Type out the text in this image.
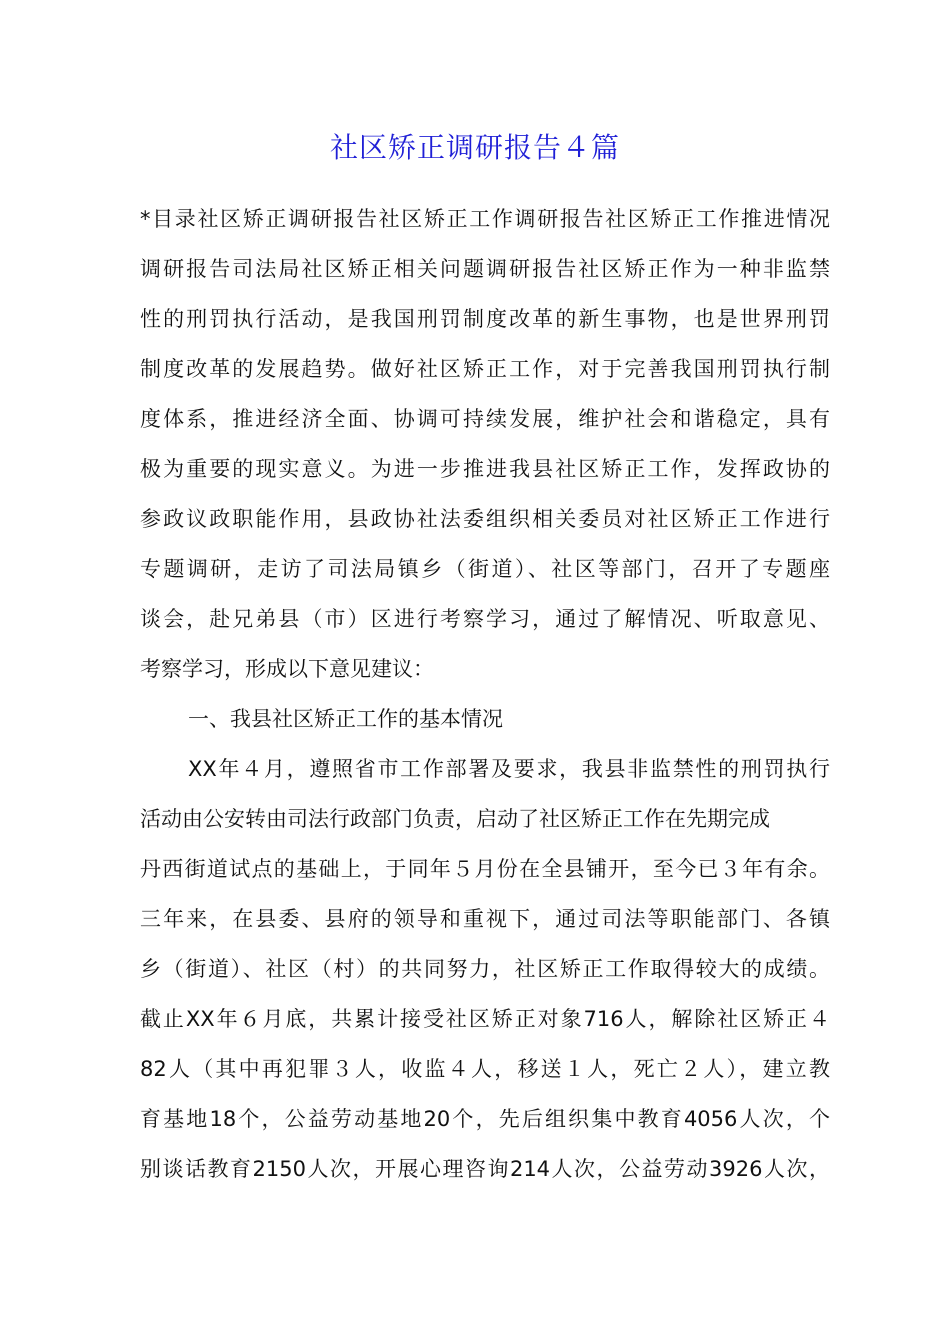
社区矫正调研报告４篇
*目录社区矫正调研报告社区矫正工作调研报告社区矫正工作推进情况
调研报告司法局社区矫正相关问题调研报告社区矫正作为一种非监禁
性的刑罚执行活动，是我国刑罚制度改革的新生事物，也是世界刑罚
制度改革的发展趋势。做好社区矫正工作，对于完善我国刑罚执行制
度体系，推进经济全面、协调可持续发展，维护社会和谐稳定，具有
极为重要的现实意义。为进一步推进我县社区矫正工作，发挥政协的
参政议政职能作用，县政协社法委组织相关委员对社区矫正工作进行
专题调研，走访了司法局镇乡（街道）、社区等部门，召开了专题座
谈会，赴兄弟县（市）区进行考察学习，通过了解情况、听取意见、
考察学习，形成以下意见建议：
一、我县社区矫正工作的基本情况
XX年４月，遵照省市工作部署及要求，我县非监禁性的刑罚执行
活动由公安转由司法行政部门负责，启动了社区矫正工作在先期完成
丹西街道试点的基础上，于同年５月份在全县铺开，至今已３年有余。
三年来，在县委、县府的领导和重视下，通过司法等职能部门、各镇
乡（街道）、社区（村）的共同努力，社区矫正工作取得较大的成绩。
截止XX年６月底，共累计接受社区矫正对象716人，解除社区矫正４
82人（其中再犯罪３人，收监４人，移送１人，死亡２人），建立教
育基地18个，公益劳动基地20个，先后组织集中教育4056人次，个
别谈话教育2150人次，开展心理咨询214人次，公益劳动3926人次，
